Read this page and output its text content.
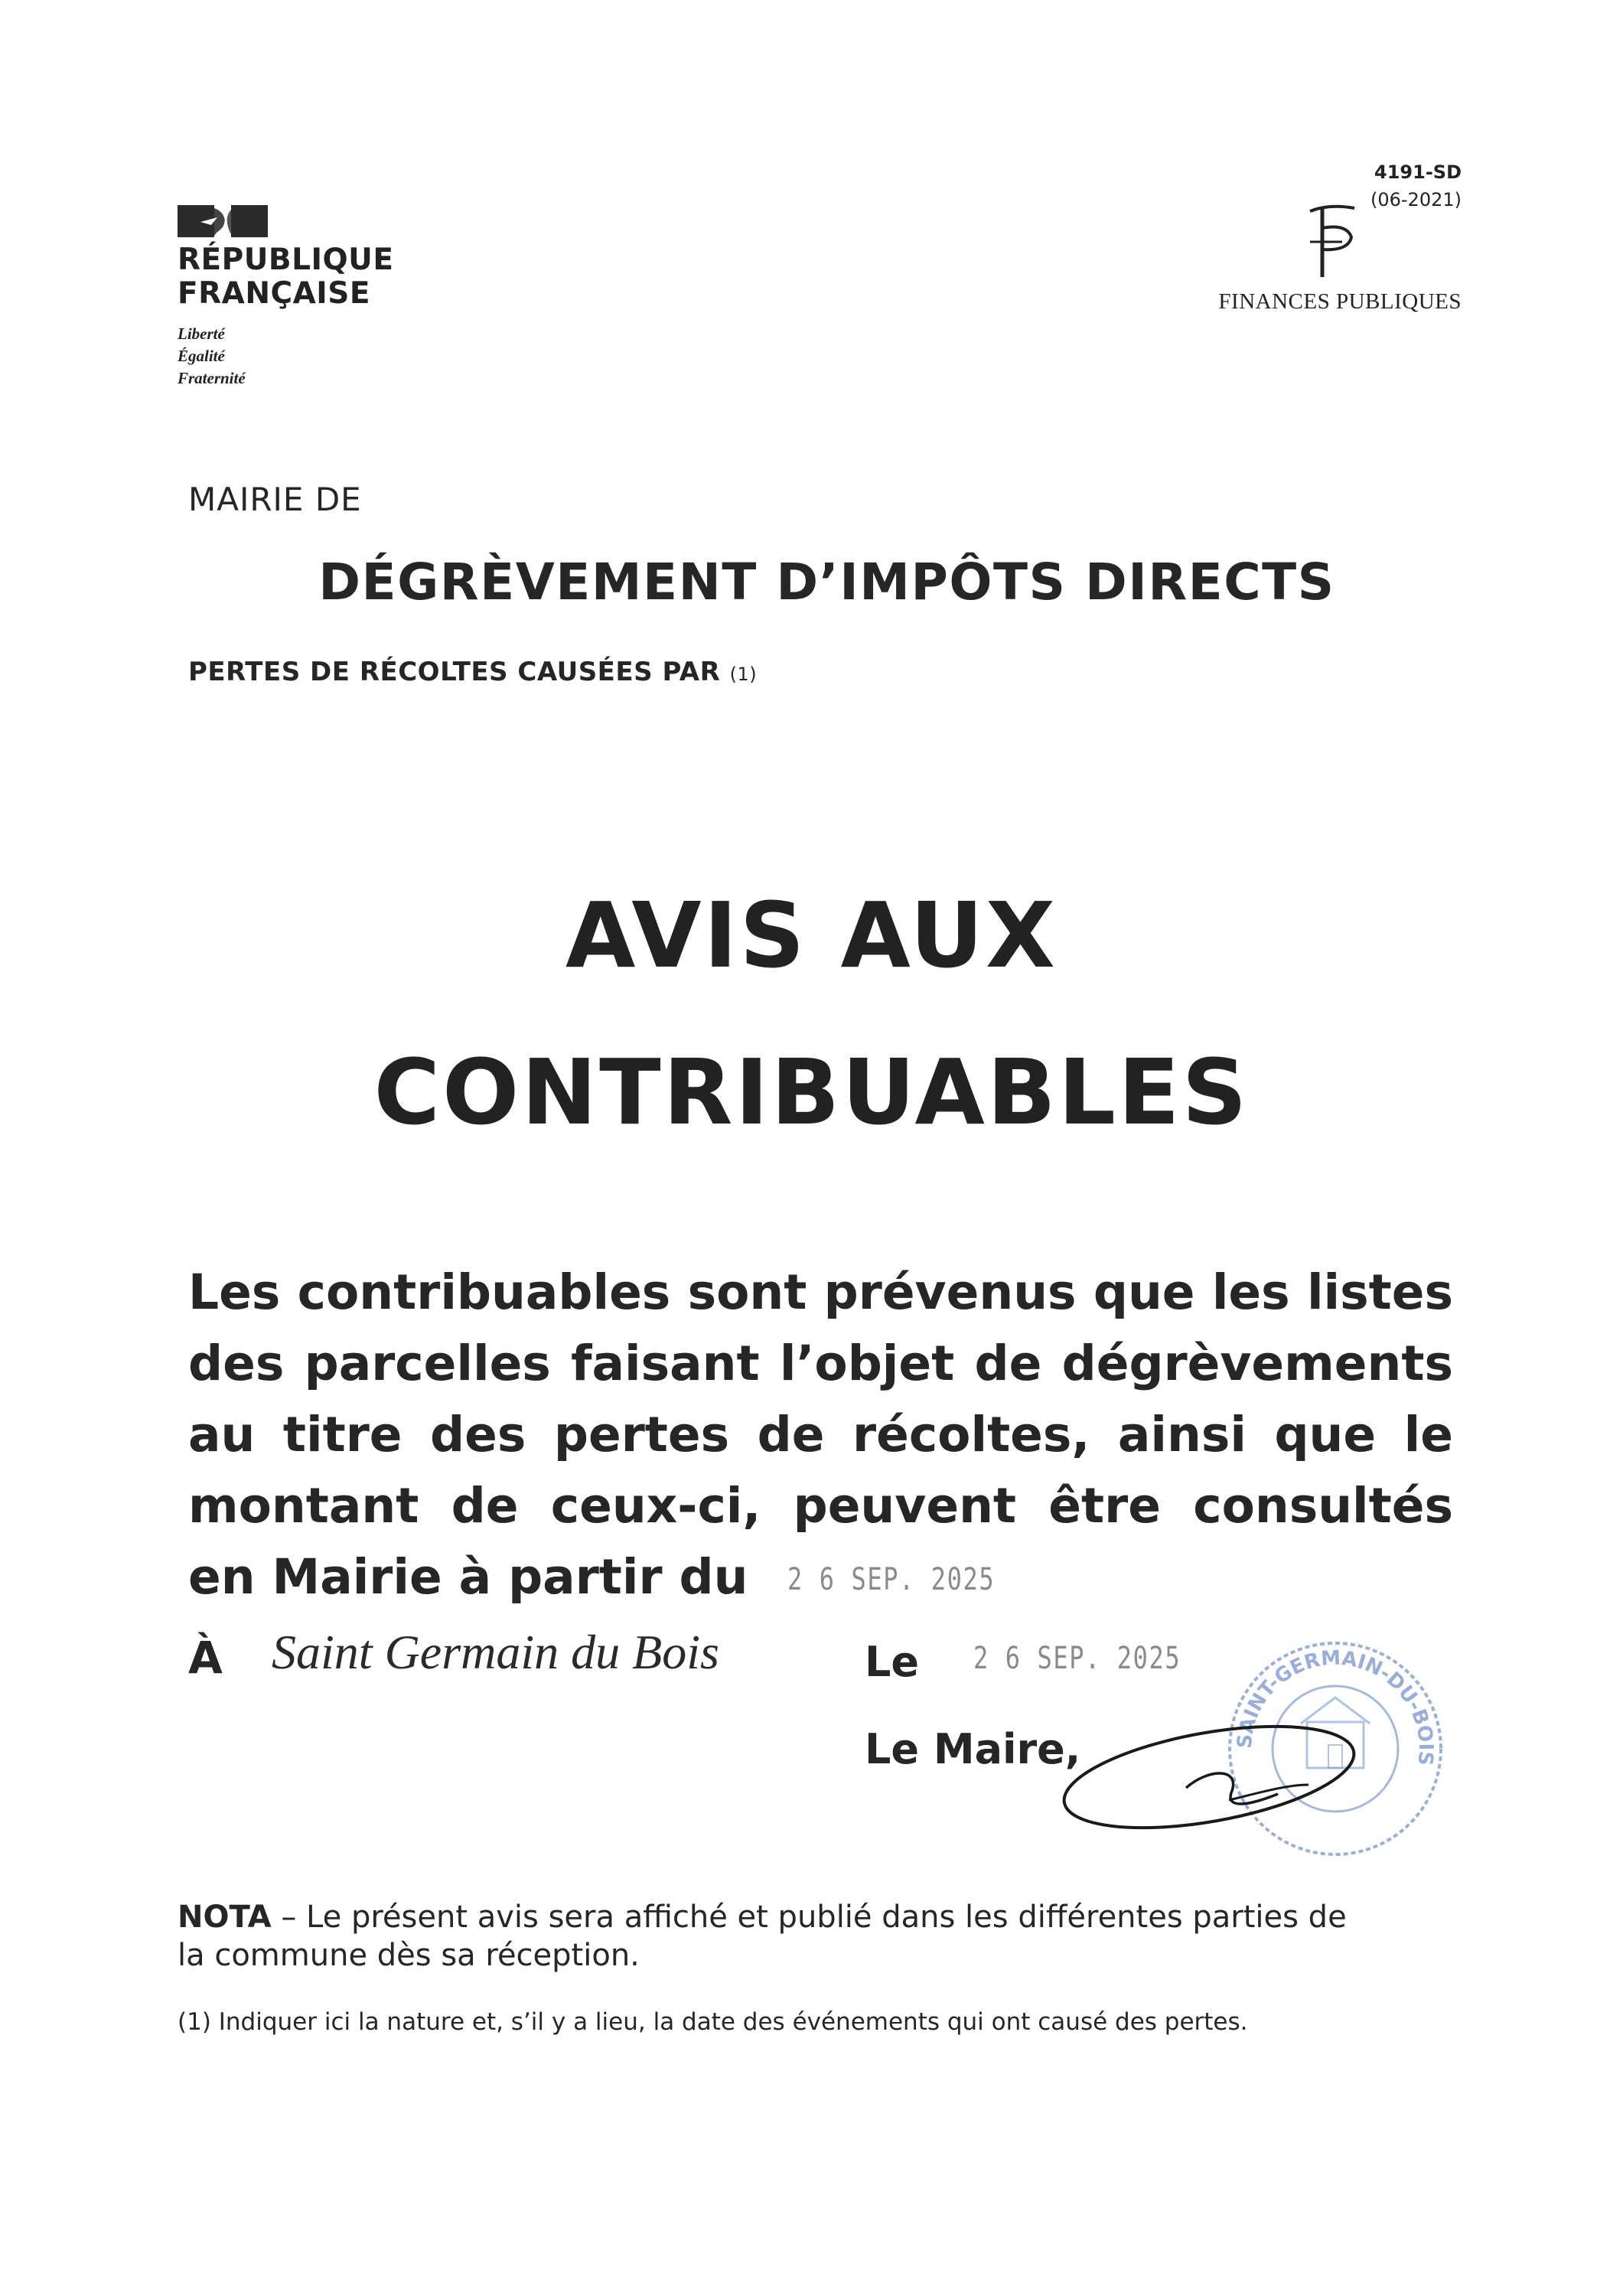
RÉPUBLIQUE
FRANÇAISE
Liberté
Égalité
Fraternité
4191-SD
(06-2021)
FINANCES PUBLIQUES
MAIRIE DE
DÉGRÈVEMENT D’IMPÔTS DIRECTS
PERTES DE RÉCOLTES CAUSÉES PAR (1)
AVIS AUX
CONTRIBUABLES
Les contribuables sont prévenus que les listes des parcelles faisant l’objet de dégrèvements au titre des pertes de récoltes, ainsi que le montant de ceux-ci, peuvent être consultés en Mairie à partir du 2 6 SEP. 2025
À Saint Germain du Bois	Le 2 6 SEP. 2025
Le Maire,	SAINT-GERMAIN-DU-BOIS
NOTA – Le présent avis sera affiché et publié dans les différentes parties de la commune dès sa réception.
(1) Indiquer ici la nature et, s’il y a lieu, la date des événements qui ont causé des pertes.
